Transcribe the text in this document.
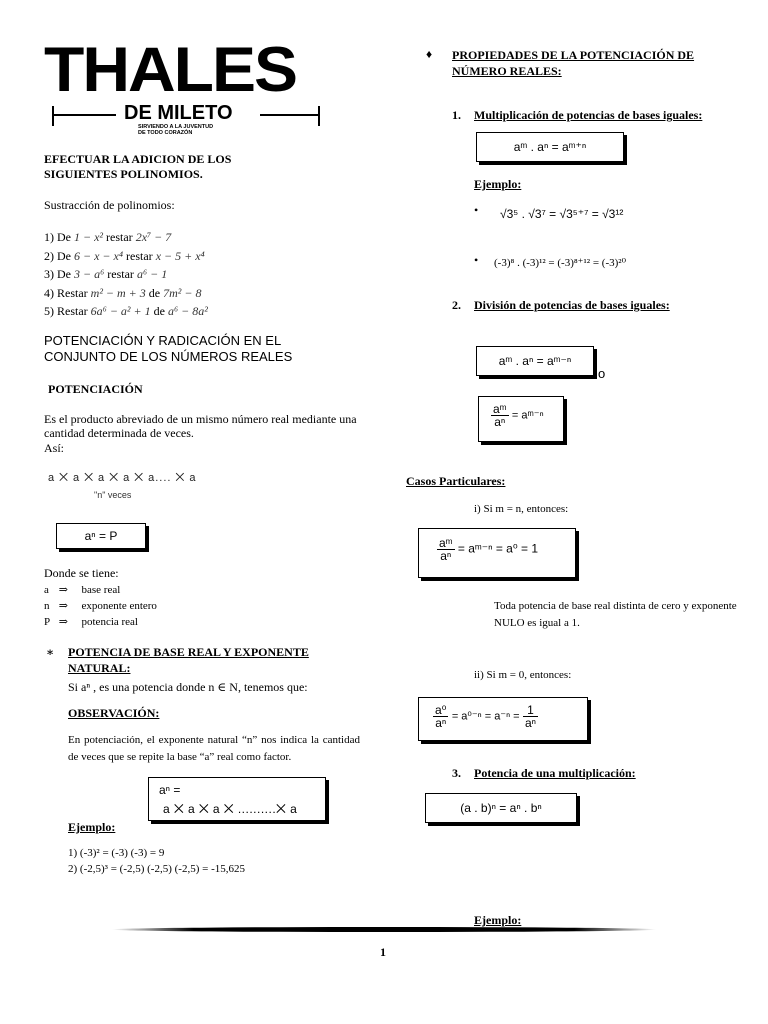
THALES
DE MILETO
SIRVIENDO A LA JUVENTUD
DE TODO CORAZÓN
EFECTUAR LA ADICION DE LOS SIGUIENTES POLINOMIOS.
Sustracción de polinomios:
1) De 1 − x² restar 2x⁷ − 7
2) De 6 − x − x⁴ restar x − 5 + x⁴
3) De 3 − a⁶ restar a⁶ − 1
4) Restar m² − m + 3 de 7m² − 8
5) Restar 6a⁶ − a² + 1 de a⁶ − 8a²
POTENCIACIÓN Y RADICACIÓN EN EL
CONJUNTO DE LOS NÚMEROS REALES
POTENCIACIÓN
Es el producto abreviado de un mismo número real mediante una cantidad determinada de veces.
Así:
a ⨉ a ⨉ a ⨉ a ⨉ a.... ⨉ a
"n" veces
aⁿ = P
Donde se tiene:
a ⇒ base real
n ⇒ exponente entero
P ⇒ potencia real
∗ POTENCIA DE BASE REAL Y EXPONENTE
NATURAL:
Si aⁿ , es una potencia donde n ∈ N, tenemos que:
OBSERVACIÓN:
En potenciación, el exponente natural “n” nos indica la cantidad de veces que se repite la base “a” real como factor.
aⁿ =
a ⨉ a ⨉ a ⨉ ..........⨉ a
Ejemplo:
1) (-3)² = (-3) (-3) = 9
2) (-2,5)³ = (-2,5) (-2,5) (-2,5) = -15,625
♦ PROPIEDADES DE LA POTENCIACIÓN DE
NÚMERO REALES:
1. Multiplicación de potencias de bases iguales:
aᵐ . aⁿ = aᵐ⁺ⁿ
Ejemplo:
• √3⁵ . √3⁷ = √3⁵⁺⁷ = √3¹²
• (-3)⁸ . (-3)¹² = (-3)⁸⁺¹² = (-3)²⁰
2. División de potencias de bases iguales:
aᵐ . aⁿ = aᵐ⁻ⁿ
o
$\frac{\text{aᵐ}}{\text{aⁿ}}$ = aᵐ⁻ⁿ
Casos Particulares:
i) Si m = n, entonces:
$\frac{\text{aᵐ}}{\text{aⁿ}}$ = aᵐ⁻ⁿ = a⁰ = 1
Toda potencia de base real distinta de cero y exponente NULO es igual a 1.
ii) Si m = 0, entonces:
$\frac{\text{a⁰}}{\text{aⁿ}} = a^{0-n} = a^{-n} = \frac{1}{\text{aⁿ}}$
3. Potencia de una multiplicación:
(a . b)ⁿ = aⁿ . bⁿ
Ejemplo:
1
